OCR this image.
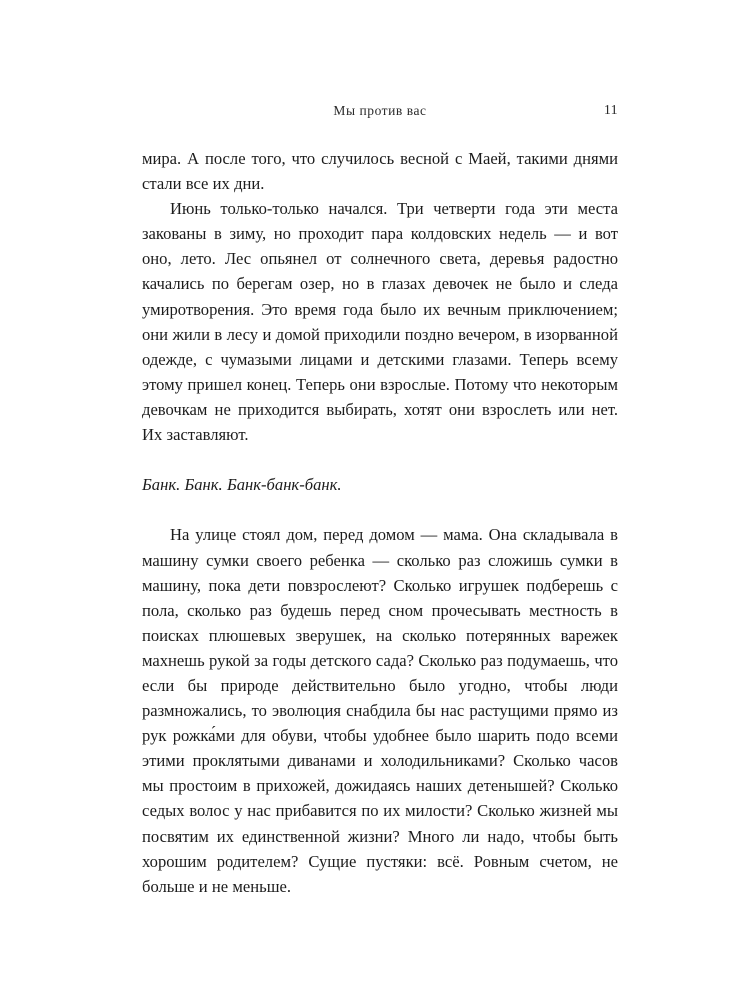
Мы против вас	11

мира. А после того, что случилось весной с Маей, такими днями стали все их дни.

Июнь только-только начался. Три четверти года эти места закованы в зиму, но проходит пара колдовских недель — и вот оно, лето. Лес опьянел от солнечного света, деревья радостно качались по берегам озер, но в глазах девочек не было и следа умиротворения. Это время года было их вечным приключением; они жили в лесу и домой приходили поздно вечером, в изорванной одежде, с чумазыми лицами и детскими глазами. Теперь всему этому пришел конец. Теперь они взрослые. Потому что некоторым девочкам не приходится выбирать, хотят они взрослеть или нет. Их заставляют.

Банк. Банк. Банк-банк-банк.

На улице стоял дом, перед домом — мама. Она складывала в машину сумки своего ребенка — сколько раз сложишь сумки в машину, пока дети повзрослеют? Сколько игрушек подберешь с пола, сколько раз будешь перед сном прочесывать местность в поисках плюшевых зверушек, на сколько потерянных варежек махнешь рукой за годы детского сада? Сколько раз подумаешь, что если бы природе действительно было угодно, чтобы люди размножались, то эволюция снабдила бы нас растущими прямо из рук рожка́ми для обуви, чтобы удобнее было шарить подо всеми этими проклятыми диванами и холодильниками? Сколько часов мы простоим в прихожей, дожидаясь наших детенышей? Сколько седых волос у нас прибавится по их милости? Сколько жизней мы посвятим их единственной жизни? Много ли надо, чтобы быть хорошим родителем? Сущие пустяки: всё. Ровным счетом, не больше и не меньше.
